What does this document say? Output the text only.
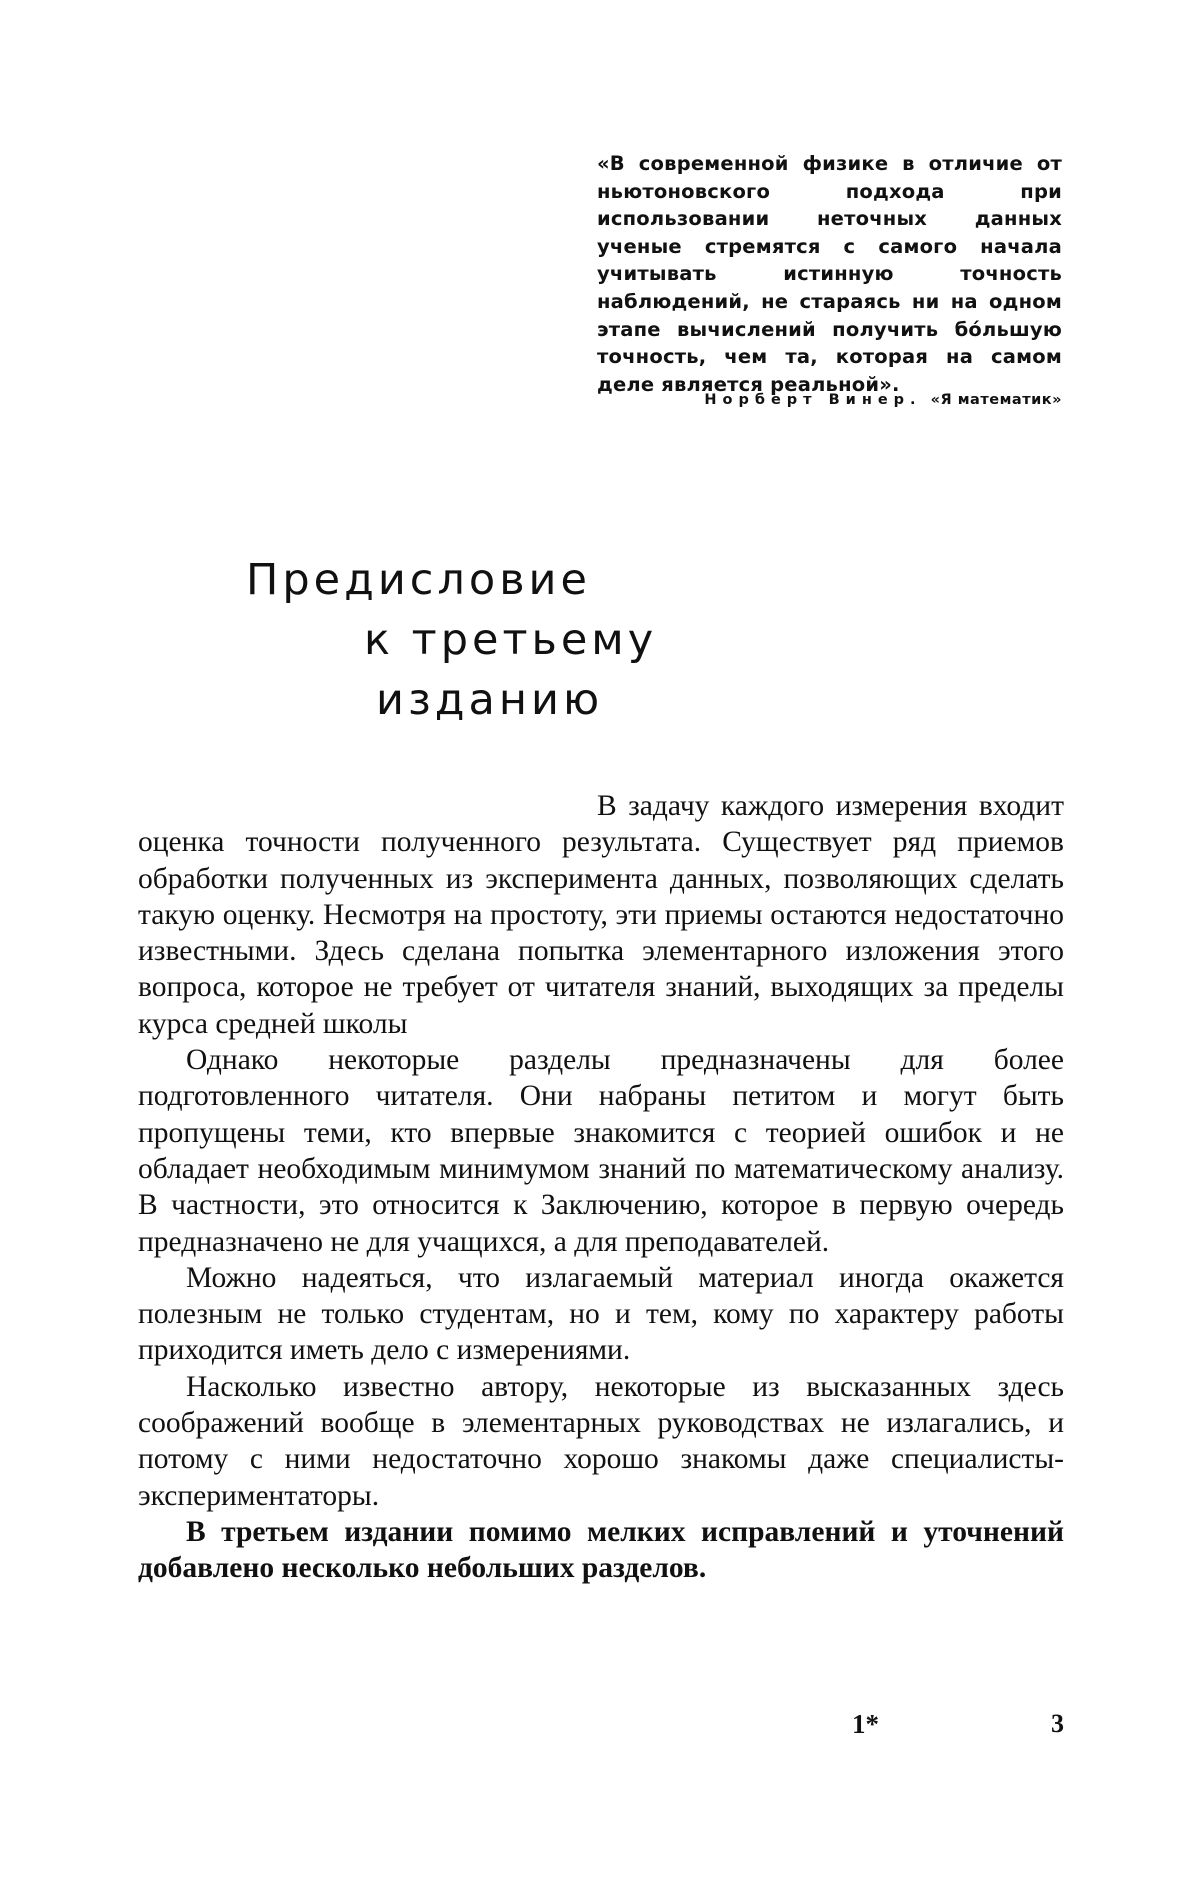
«В современной физике в отличие от ньютоновского подхода при использовании неточных данных ученые стремятся с самого начала учитывать истинную точность наблюдений, не стараясь ни на одном этапе вычислений получить бо́льшую точность, чем та, которая на самом деле является реальной».
Норберт Винер. «Я математик»
Предисловие
к третьему
изданию

В задачу каждого измерения входит оценка точности полученного результата. Существует ряд приемов обработки полученных из эксперимента данных, позволяющих сделать такую оценку. Несмотря на простоту, эти приемы остаются недостаточно известными. Здесь сделана попытка элементарного изложения этого вопроса, которое не требует от читателя знаний, выходящих за пределы курса средней школы

Однако некоторые разделы предназначены для более подготовленного читателя. Они набраны петитом и могут быть пропущены теми, кто впервые знакомится с теорией ошибок и не обладает необходимым минимумом знаний по математическому анализу. В частности, это относится к Заключению, которое в первую очередь предназначено не для учащихся, а для преподавателей.

Можно надеяться, что излагаемый материал иногда окажется полезным не только студентам, но и тем, кому по характеру работы приходится иметь дело с измерениями.

Насколько известно автору, некоторые из высказанных здесь соображений вообще в элементарных руководствах не излагались, и потому с ними недостаточно хорошо знакомы даже специалисты-экспериментаторы.

В третьем издании помимо мелких исправлений и уточнений добавлено несколько небольших разделов.

1*	3
